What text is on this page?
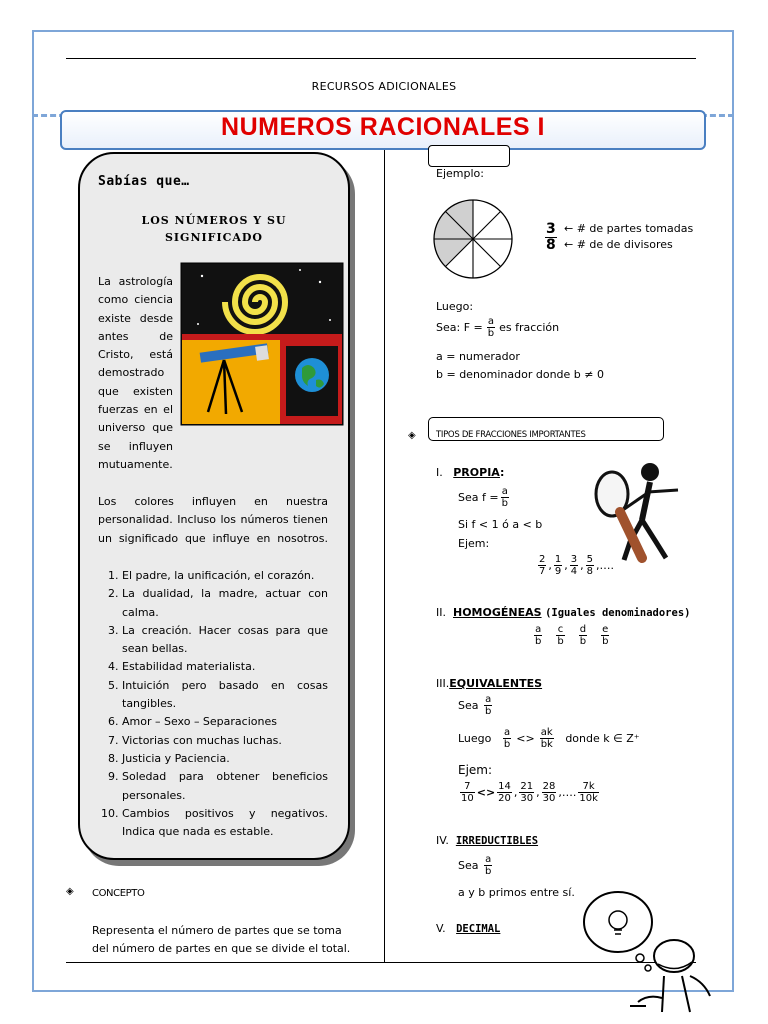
RECURSOS ADICIONALES
NUMEROS RACIONALES I
Sabías que…
LOS NÚMEROS Y SU
SIGNIFICADO
La astrología
como ciencia
existe desde
antes de
Cristo, está
demostrado
que existen
fuerzas en el
universo que
se influyen
mutuamente.
Los colores influyen en nuestra personalidad. Incluso los números tienen un significado que influye en nosotros.
1. El padre, la unificación, el corazón.
2. La dualidad, la madre, actuar con calma.
3. La creación. Hacer cosas para que sean bellas.
4. Estabilidad materialista.
5. Intuición pero basado en cosas tangibles.
6. Amor – Sexo – Separaciones
7. Victorias con muchas luchas.
8. Justicia y Paciencia.
9. Soledad para obtener beneficios personales.
10. Cambios positivos y negativos. Indica que nada es estable.
◈ CONCEPTO
Representa el número de partes que se toma
del número de partes en que se divide el total.
Ejemplo:
3
8
← # de partes tomadas
← # de de divisores
Luego:
Sea: $F = \frac{a}{b}$ es fracción
a = numerador
b = denominador donde b ≠ 0
◈ TIPOS DE FRACCIONES IMPORTANTES
I. PROPIA:
Sea $f = \frac{a}{b}$
Si f < 1 ó a < b
Ejem:
$\frac{2}{7}$ , $\frac{1}{9}$ , $\frac{3}{4}$ , $\frac{5}{8}$ ,….
II. HOMOGÉNEAS (Iguales denominadores)
$\frac{a}{b} \frac{c}{b} \frac{d}{b} \frac{e}{b}$
III.EQUIVALENTES
Sea
$\frac{a}{b}$
Luego
$\frac{a}{b} <> \frac{ak}{bk}$
donde k ∈ Z⁺
Ejem:
$\frac{7}{10} <> \frac{14}{20}$ , $\frac{21}{30}$ , $\frac{28}{30}$ ,…. $\frac{7k}{10k}$
IV. IRREDUCTIBLES
Sea
$\frac{a}{b}$
a y b primos entre sí.
V. DECIMAL
